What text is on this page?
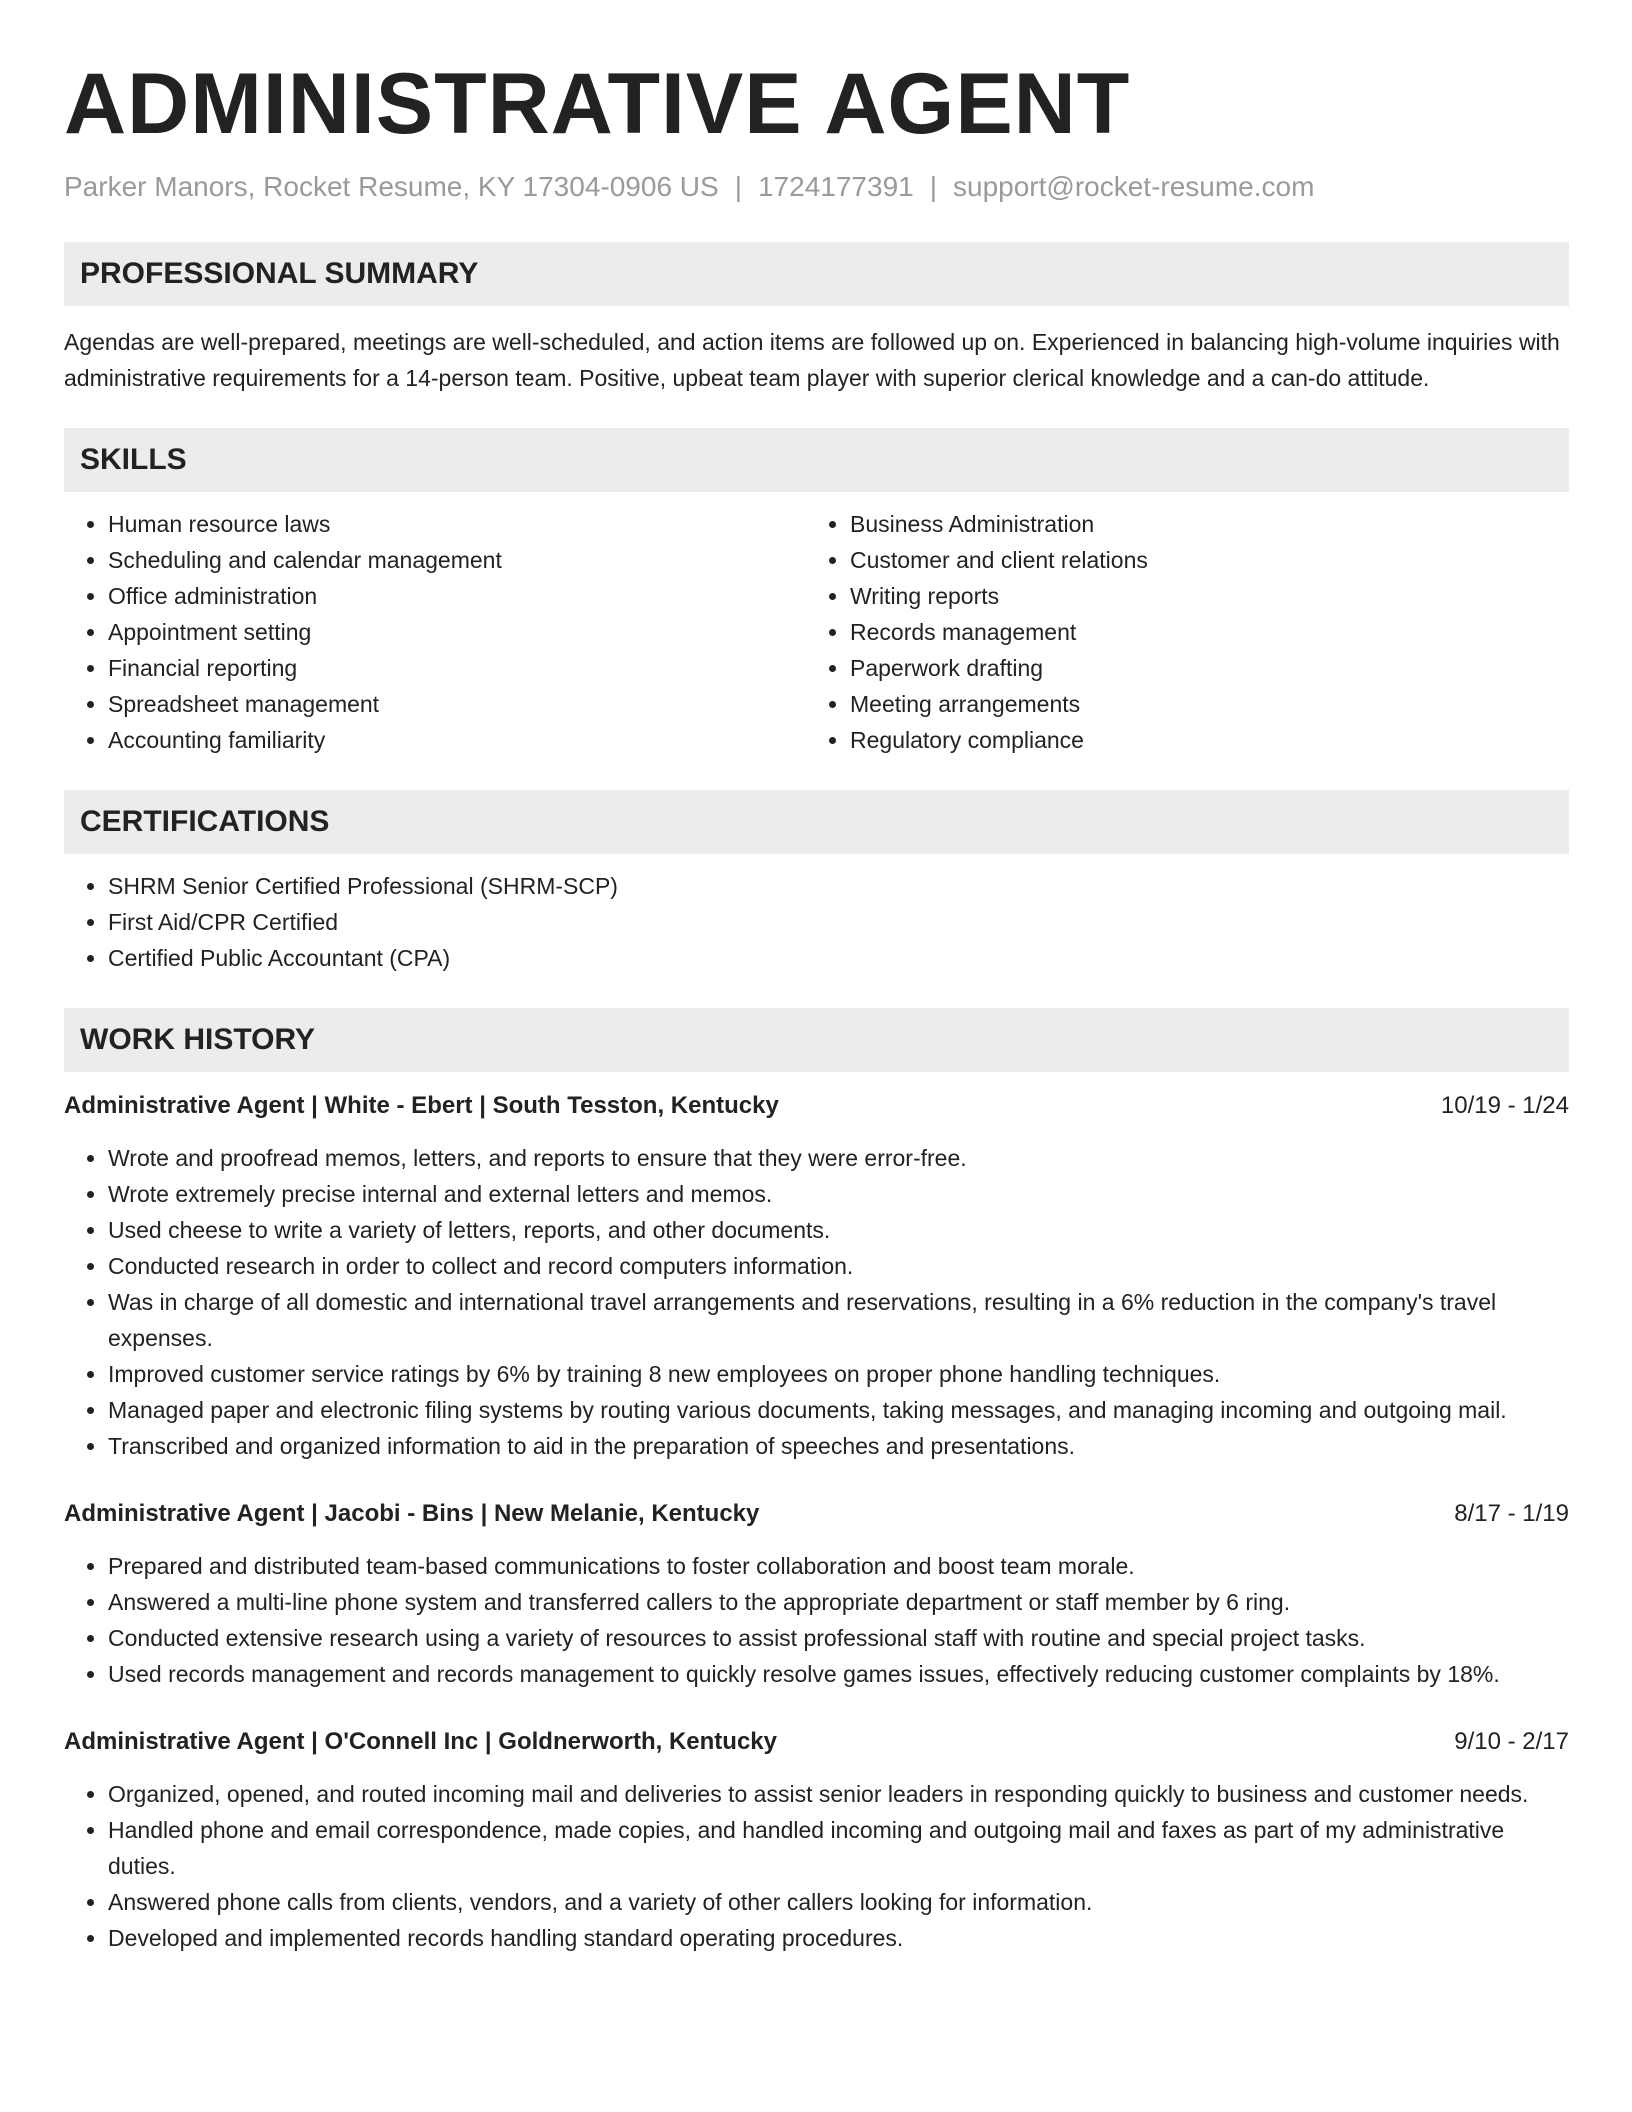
ADMINISTRATIVE AGENT
Parker Manors, Rocket Resume, KY 17304-0906 US | 1724177391 | support@rocket-resume.com
PROFESSIONAL SUMMARY

Agendas are well-prepared, meetings are well-scheduled, and action items are followed up on. Experienced in balancing high-volume inquiries with administrative requirements for a 14-person team. Positive, upbeat team player with superior clerical knowledge and a can-do attitude.

SKILLS
• Human resource laws
• Scheduling and calendar management
• Office administration
• Appointment setting
• Financial reporting
• Spreadsheet management
• Accounting familiarity
• Business Administration
• Customer and client relations
• Writing reports
• Records management
• Paperwork drafting
• Meeting arrangements
• Regulatory compliance
CERTIFICATIONS
• SHRM Senior Certified Professional (SHRM-SCP)
• First Aid/CPR Certified
• Certified Public Accountant (CPA)
WORK HISTORY
Administrative Agent | White - Ebert | South Tesston, Kentucky	10/19 - 1/24
• Wrote and proofread memos, letters, and reports to ensure that they were error-free.
• Wrote extremely precise internal and external letters and memos.
• Used cheese to write a variety of letters, reports, and other documents.
• Conducted research in order to collect and record computers information.
• Was in charge of all domestic and international travel arrangements and reservations, resulting in a 6% reduction in the company's travel expenses.
• Improved customer service ratings by 6% by training 8 new employees on proper phone handling techniques.
• Managed paper and electronic filing systems by routing various documents, taking messages, and managing incoming and outgoing mail.
• Transcribed and organized information to aid in the preparation of speeches and presentations.
Administrative Agent | Jacobi - Bins | New Melanie, Kentucky	8/17 - 1/19
• Prepared and distributed team-based communications to foster collaboration and boost team morale.
• Answered a multi-line phone system and transferred callers to the appropriate department or staff member by 6 ring.
• Conducted extensive research using a variety of resources to assist professional staff with routine and special project tasks.
• Used records management and records management to quickly resolve games issues, effectively reducing customer complaints by 18%.
Administrative Agent | O'Connell Inc | Goldnerworth, Kentucky	9/10 - 2/17
• Organized, opened, and routed incoming mail and deliveries to assist senior leaders in responding quickly to business and customer needs.
• Handled phone and email correspondence, made copies, and handled incoming and outgoing mail and faxes as part of my administrative duties.
• Answered phone calls from clients, vendors, and a variety of other callers looking for information.
• Developed and implemented records handling standard operating procedures.
